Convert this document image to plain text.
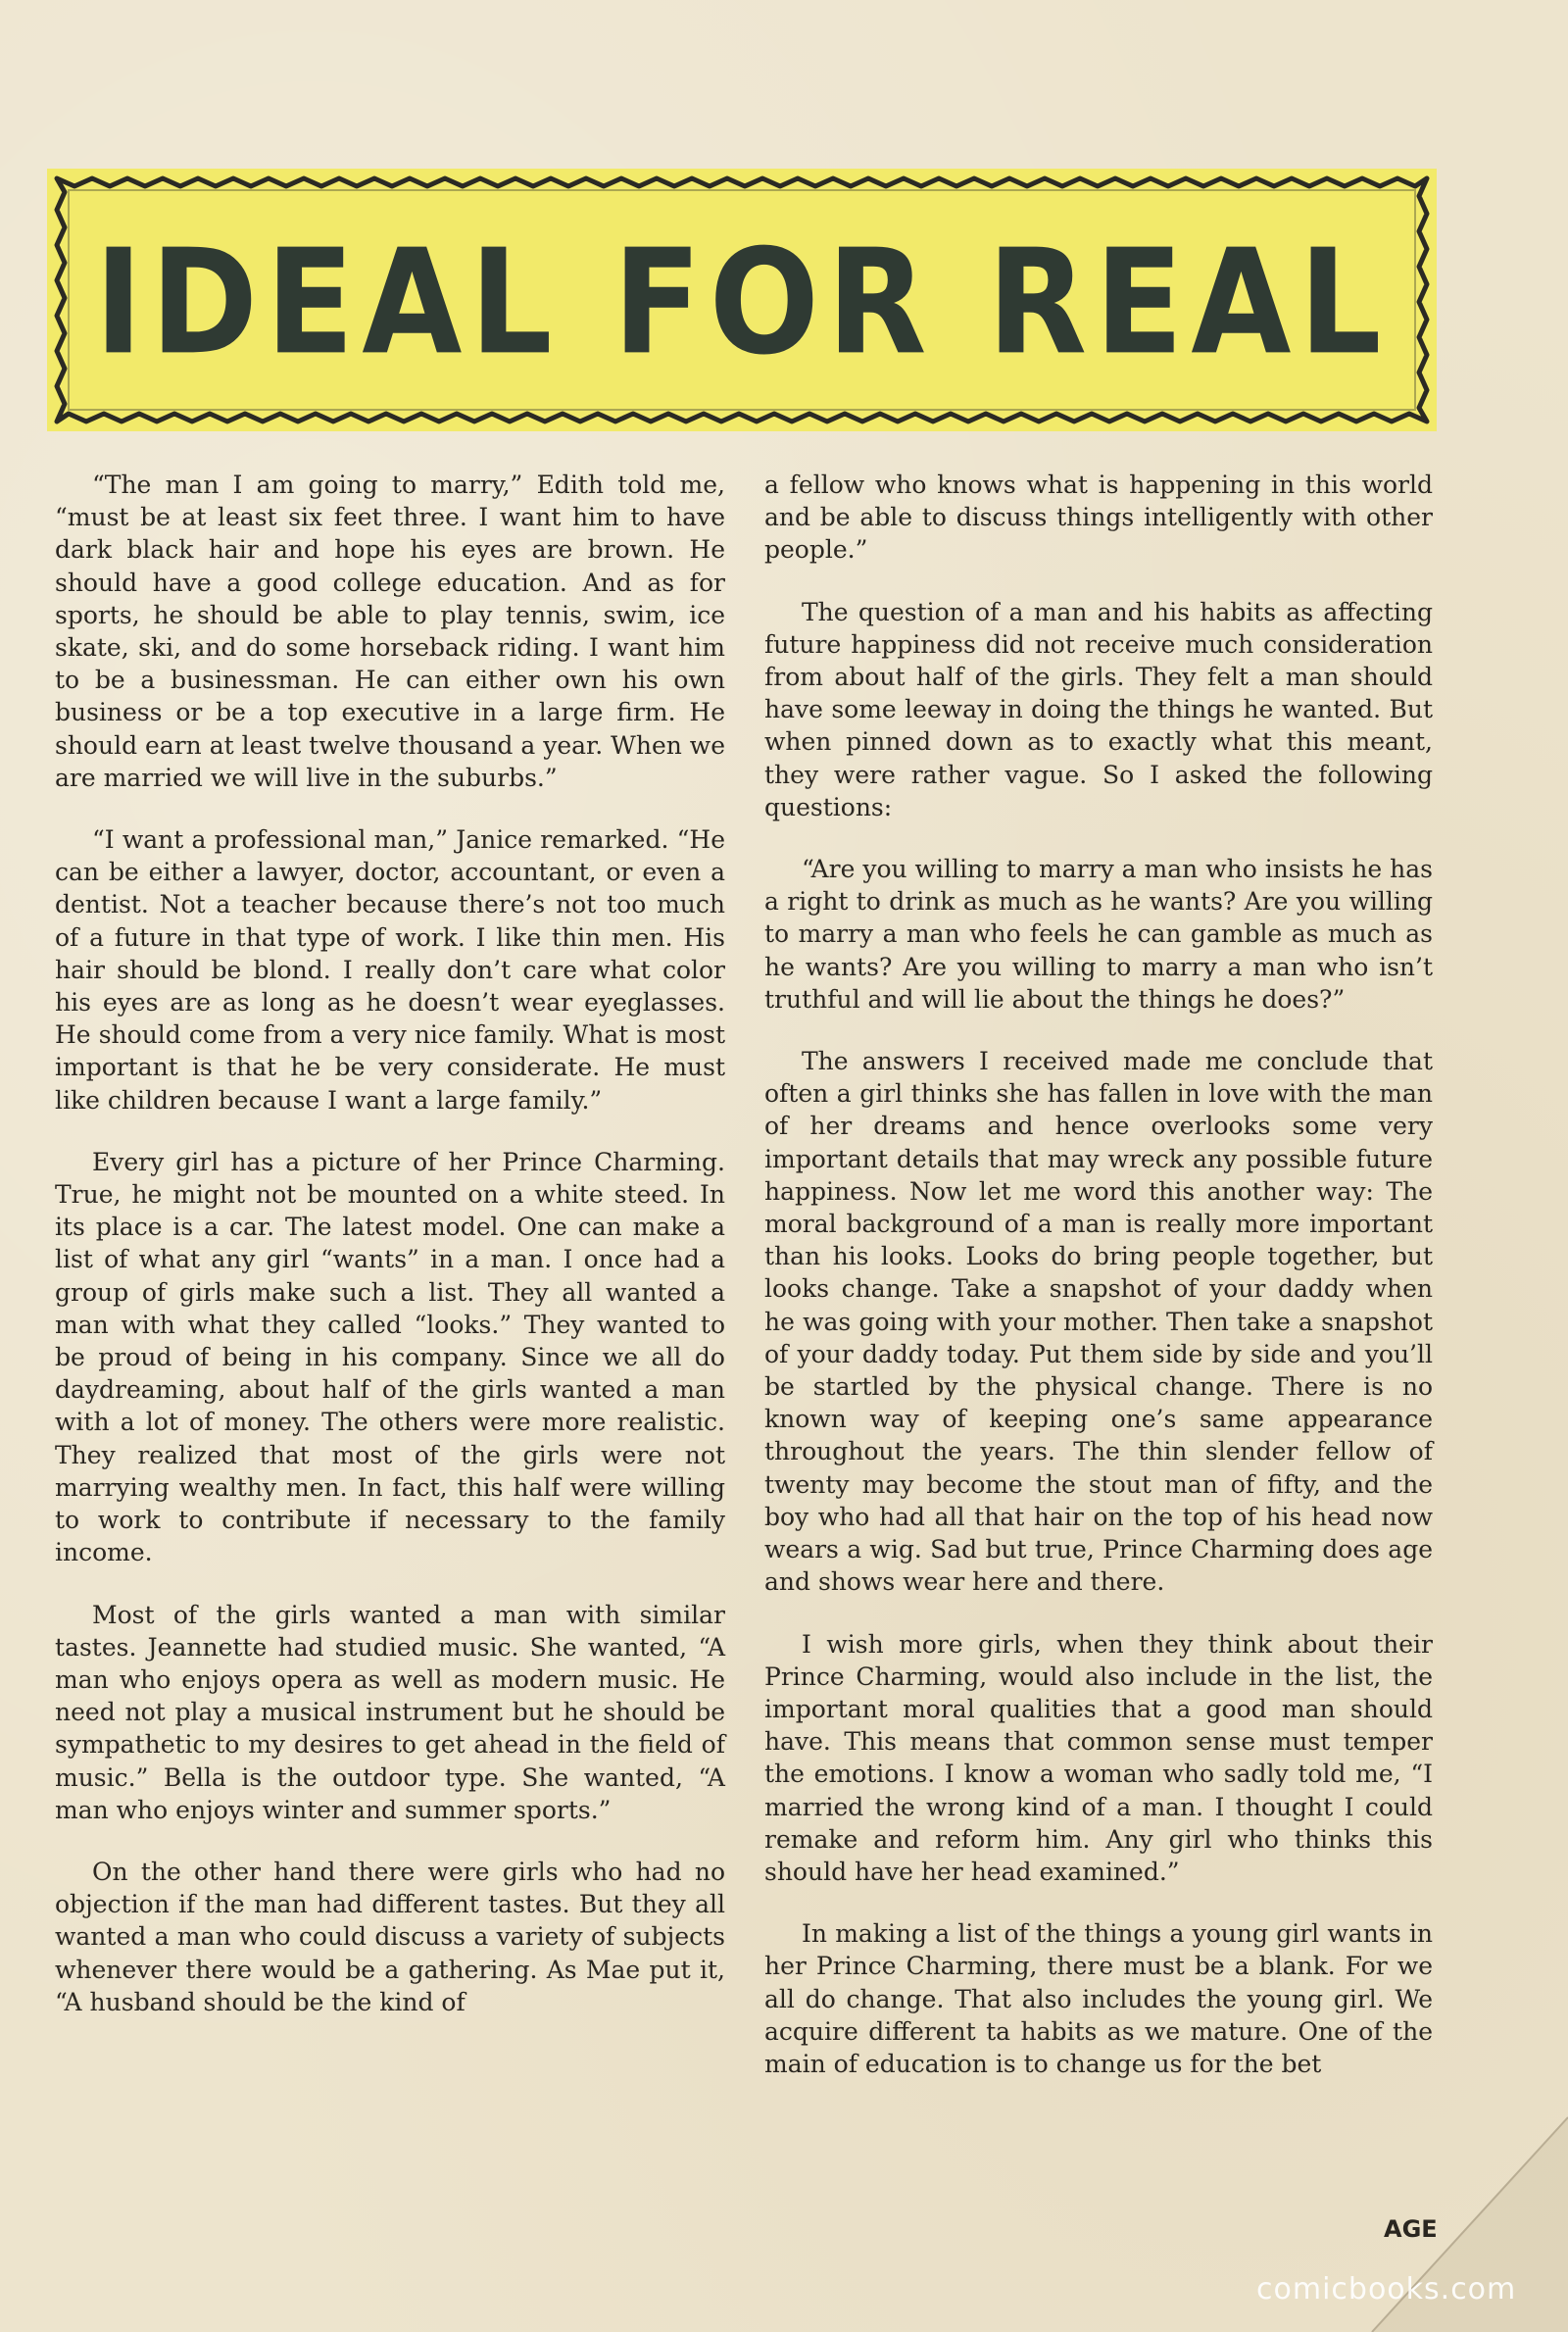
IDEAL FOR REAL

“The man I am going to marry,” Edith told me, “must be at least six feet three. I want him to have dark black hair and hope his eyes are brown. He should have a good college education. And as for sports, he should be able to play tennis, swim, ice skate, ski, and do some horseback riding. I want him to be a businessman. He can either own his own business or be a top executive in a large firm. He should earn at least twelve thousand a year. When we are married we will live in the suburbs.”

“I want a professional man,” Janice remarked. “He can be either a lawyer, doctor, accountant, or even a dentist. Not a teacher because there’s not too much of a future in that type of work. I like thin men. His hair should be blond. I really don’t care what color his eyes are as long as he doesn’t wear eyeglasses. He should come from a very nice family. What is most important is that he be very considerate. He must like children because I want a large family.”

Every girl has a picture of her Prince Charming. True, he might not be mounted on a white steed. In its place is a car. The latest model. One can make a list of what any girl “wants” in a man. I once had a group of girls make such a list. They all wanted a man with what they called “looks.” They wanted to be proud of being in his company. Since we all do daydreaming, about half of the girls wanted a man with a lot of money. The others were more realistic. They realized that most of the girls were not marrying wealthy men. In fact, this half were willing to work to contribute if necessary to the family income.

Most of the girls wanted a man with similar tastes. Jeannette had studied music. She wanted, “A man who enjoys opera as well as modern music. He need not play a musical instrument but he should be sympathetic to my desires to get ahead in the field of music.” Bella is the outdoor type. She wanted, “A man who enjoys winter and summer sports.”

On the other hand there were girls who had no objection if the man had different tastes. But they all wanted a man who could discuss a variety of subjects whenever there would be a gathering. As Mae put it, “A husband should be the kind of

a fellow who knows what is happening in this world and be able to discuss things intelligently with other people.”

The question of a man and his habits as affecting future happiness did not receive much consideration from about half of the girls. They felt a man should have some leeway in doing the things he wanted. But when pinned down as to exactly what this meant, they were rather vague. So I asked the following questions:

“Are you willing to marry a man who insists he has a right to drink as much as he wants? Are you willing to marry a man who feels he can gamble as much as he wants? Are you willing to marry a man who isn’t truthful and will lie about the things he does?”

The answers I received made me conclude that often a girl thinks she has fallen in love with the man of her dreams and hence overlooks some very important details that may wreck any possible future happiness. Now let me word this another way: The moral background of a man is really more important than his looks. Looks do bring people together, but looks change. Take a snapshot of your daddy when he was going with your mother. Then take a snapshot of your daddy today. Put them side by side and you’ll be startled by the physical change. There is no known way of keeping one’s same appearance throughout the years. The thin slender fellow of twenty may become the stout man of fifty, and the boy who had all that hair on the top of his head now wears a wig. Sad but true, Prince Charming does age and shows wear here and there.

I wish more girls, when they think about their Prince Charming, would also include in the list, the important moral qualities that a good man should have. This means that common sense must temper the emotions. I know a woman who sadly told me, “I married the wrong kind of a man. I thought I could remake and reform him. Any girl who thinks this should have her head examined.”

In making a list of the things a young girl wants in her Prince Charming, there must be a blank. For we all do change. That also includes the young girl. We acquire different ta habits as we mature. One of the main of education is to change us for the bet

AGE
comicbooks.com
